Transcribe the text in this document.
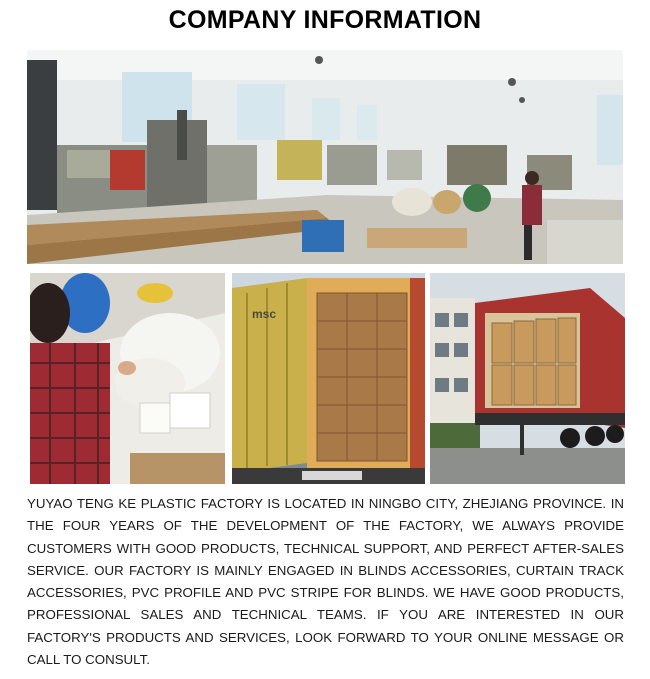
COMPANY INFORMATION
msc

YUYAO TENG KE PLASTIC FACTORY IS LOCATED IN NINGBO CITY, ZHEJIANG PROVINCE. IN THE FOUR YEARS OF THE DEVELOPMENT OF THE FACTORY, WE ALWAYS PROVIDE CUSTOMERS WITH GOOD PRODUCTS, TECHNICAL SUPPORT, AND PERFECT AFTER-SALES SERVICE. OUR FACTORY IS MAINLY ENGAGED IN BLINDS ACCESSORIES, CURTAIN TRACK ACCESSORIES, PVC PROFILE AND PVC STRIPE FOR BLINDS. WE HAVE GOOD PRODUCTS, PROFESSIONAL SALES AND TECHNICAL TEAMS. IF YOU ARE INTERESTED IN OUR FACTORY'S PRODUCTS AND SERVICES, LOOK FORWARD TO YOUR ONLINE MESSAGE OR CALL TO CONSULT.
